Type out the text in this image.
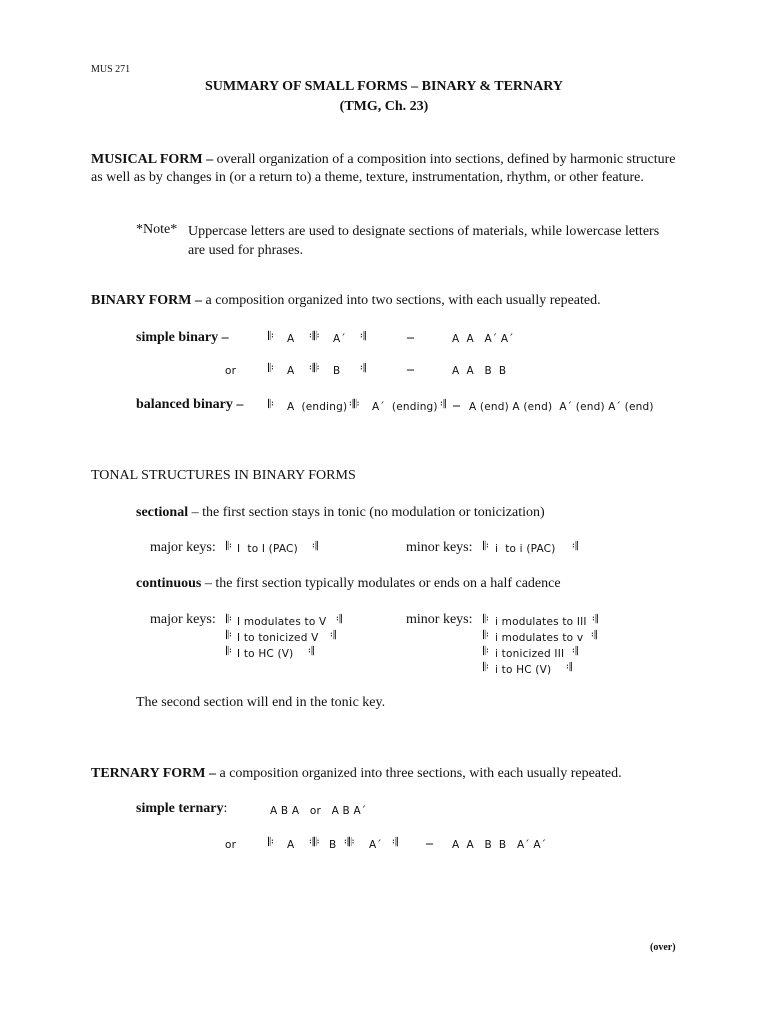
MUS 271
SUMMARY OF SMALL FORMS – BINARY & TERNARY
(TMG, Ch. 23)
MUSICAL FORM – overall organization of a composition into sections, defined by harmonic structure as well as by changes in (or a return to) a theme, texture, instrumentation, rhythm, or other feature.
*Note* Uppercase letters are used to designate sections of materials, while lowercase letters are used for phrases.
BINARY FORM – a composition organized into two sections, with each usually repeated.
simple binary –	𝄆 A 𝄇𝄆 A´ 𝄇	–	A  A   A´ A´
or	𝄆 A 𝄇𝄆 B 𝄇	–	A  A   B  B
balanced binary – 𝄆 A  (ending) 𝄇𝄆 A´  (ending) 𝄇 – A (end) A (end)  A´ (end) A´ (end)
TONAL STRUCTURES IN BINARY FORMS
sectional – the first section stays in tonic (no modulation or tonicization)
major keys: 𝄆 I  to I (PAC) 𝄇	minor keys: 𝄆 i  to i (PAC) 𝄇
continuous – the first section typically modulates or ends on a half cadence
major keys: 𝄆 I modulates to V 𝄇
𝄆 I to tonicized V 𝄇
𝄆 I to HC (V) 𝄇
minor keys: 𝄆 i modulates to III 𝄇
𝄆 i modulates to v 𝄇
𝄆 i tonicized III 𝄇
𝄆 i to HC (V) 𝄇
The second section will end in the tonic key.
TERNARY FORM – a composition organized into three sections, with each usually repeated.
simple ternary:	A B A   or   A B A´
or	𝄆 A 𝄇𝄆 B 𝄇𝄆 A´ 𝄇 – A  A   B  B   A´ A´
(over)
